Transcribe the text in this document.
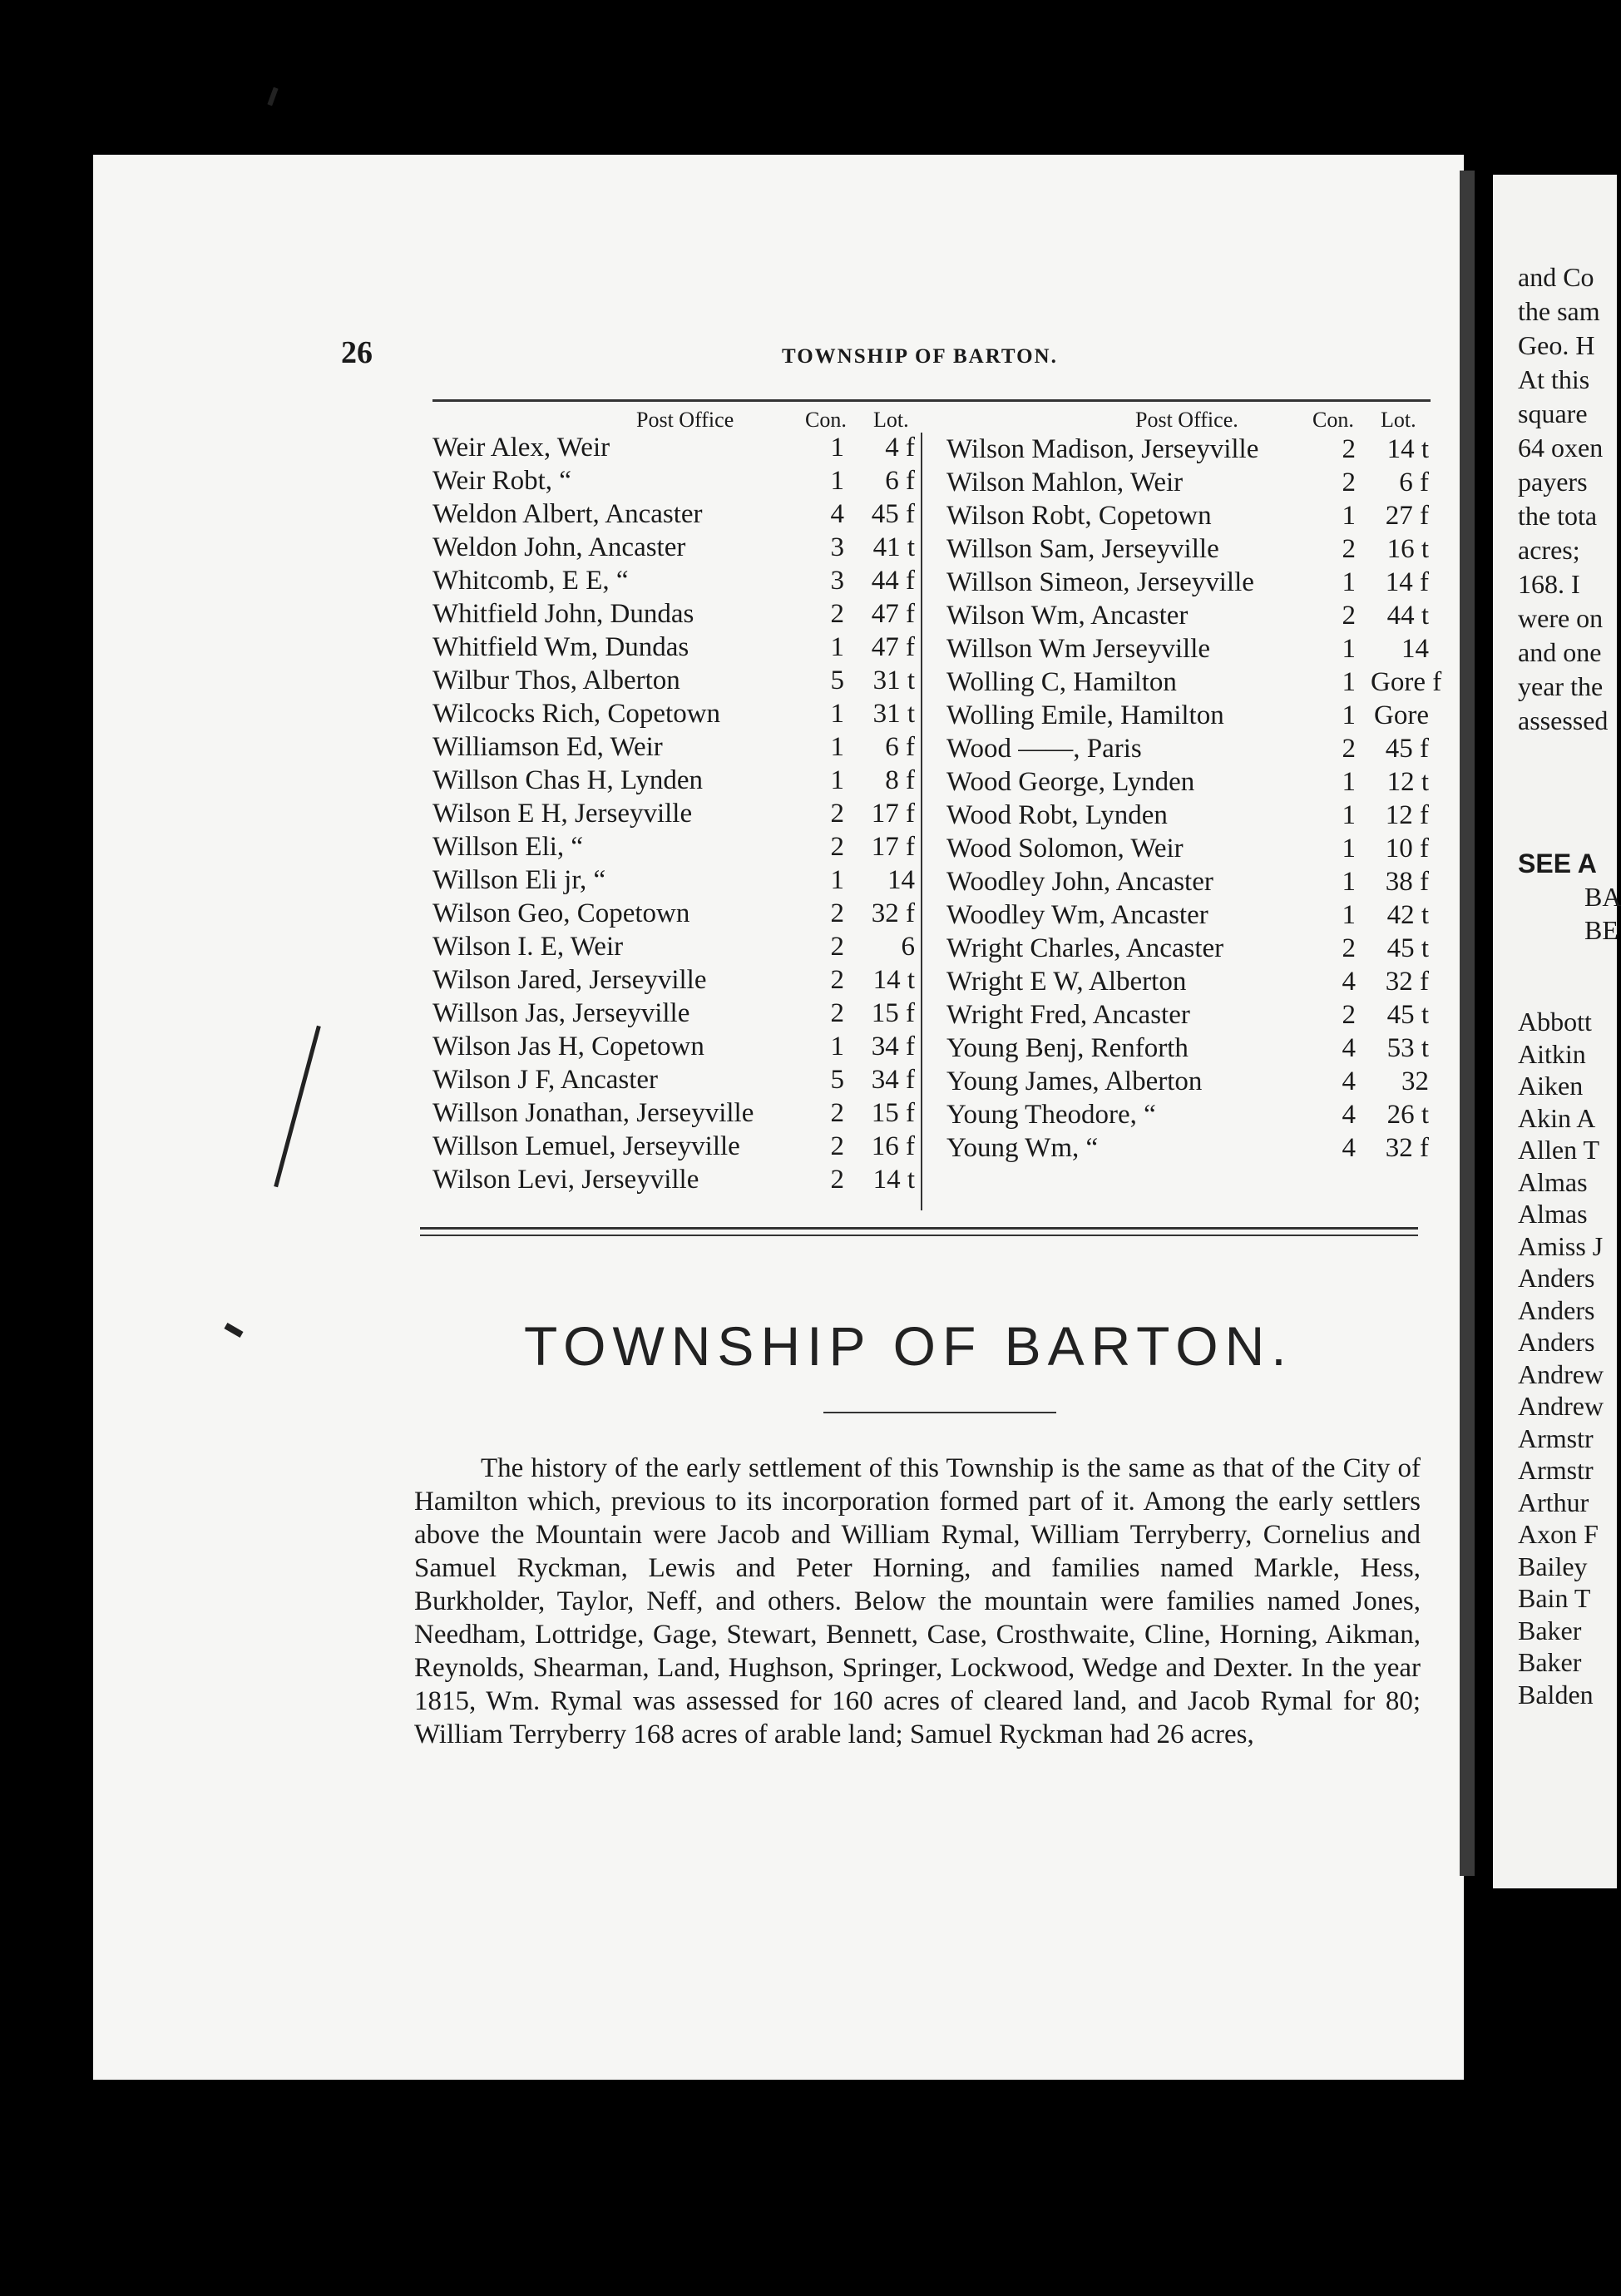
and Co
the sam
Geo. H
At this
square
64 oxen
payers
the tota
acres;
168. I
were on
and one
year the
assessed
SEE A
BA
BE
Abbott
Aitkin
Aiken
Akin A
Allen T
Almas
Almas
Amiss J
Anders
Anders
Anders
Andrew
Andrew
Armstr
Armstr
Arthur
Axon F
Bailey
Bain T
Baker
Baker
Balden
26	TOWNSHIP OF BARTON.
Post Office	Con. Lot.	Post Office.	Con. Lot.
Weir Alex, Weir	1	4 f
Weir Robt, “	1	6 f
Weldon Albert, Ancaster	4 45 f
Weldon John, Ancaster	3	41 t
Whitcomb, E E, “	3 44 f
Whitfield John, Dundas	2 47 f
Whitfield Wm, Dundas	1 47 f
Wilbur Thos, Alberton	5	31 t
Wilcocks Rich, Copetown	1	31 t
Williamson Ed, Weir	1	6 f
Willson Chas H, Lynden	1	8 f
Wilson E H, Jerseyville	2 17 f
Willson Eli, “	2 17 f
Willson Eli jr, “	1	14
Wilson Geo, Copetown	2 32 f
Wilson I. E, Weir	2	6
Wilson Jared, Jerseyville	2	14 t
Willson Jas, Jerseyville	2 15 f
Wilson Jas H, Copetown	1 34 f
Wilson J F, Ancaster	5 34 f
Willson Jonathan, Jerseyville	2 15 f
Willson Lemuel, Jerseyville	2 16 f
Wilson Levi, Jerseyville	2	14 t
Wilson Madison, Jerseyville	2	14 t
Wilson Mahlon, Weir	2	6 f
Wilson Robt, Copetown	1	27 f
Willson Sam, Jerseyville	2	16 t
Willson Simeon, Jerseyville	1	14 f
Wilson Wm, Ancaster	2	44 t
Willson Wm Jerseyville	1	14
Wolling C, Hamilton	1 Gore f
Wolling Emile, Hamilton	1 Gore
Wood ——, Paris	2	45 f
Wood George, Lynden	1	12 t
Wood Robt, Lynden	1	12 f
Wood Solomon, Weir	1	10 f
Woodley John, Ancaster	1	38 f
Woodley Wm, Ancaster	1	42 t
Wright Charles, Ancaster	2	45 t
Wright E W, Alberton	4	32 f
Wright Fred, Ancaster	2	45 t
Young Benj, Renforth	4	53 t
Young James, Alberton	4	32
Young Theodore, “	4	26 t
Young Wm, “	4	32 f
TOWNSHIP OF BARTON.
The history of the early settlement of this Township is the same as that of the City of Hamilton which, previous to its incorporation formed part of it. Among the early settlers above the Mountain were Jacob and William Rymal, William Terryberry, Cornelius and Samuel Ryckman, Lewis and Peter Horning, and families named Markle, Hess, Burkholder, Taylor, Neff, and others. Below the mountain were families named Jones, Needham, Lottridge, Gage, Stewart, Bennett, Case, Crosthwaite, Cline, Horning, Aikman, Reynolds, Shearman, Land, Hughson, Springer, Lockwood, Wedge and Dexter. In the year 1815, Wm. Rymal was assessed for 160 acres of cleared land, and Jacob Rymal for 80; William Terryberry 168 acres of arable land; Samuel Ryckman had 26 acres,
